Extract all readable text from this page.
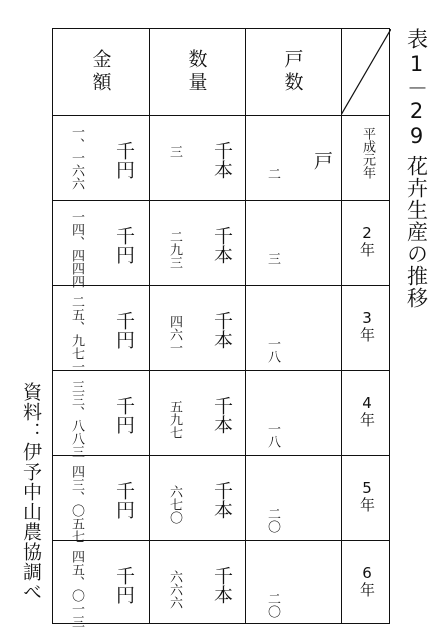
表
1－29
花卉生産の推移
資料：伊予中山農協調べ
金額	数量	戸数
一、一六六 千円 三 千本 二
戸 平成元年
一四、四四四 千円 二九三 千本 三
2年
二五、九七一 千円 四六一 千本
一八
3年
三三、八八三 千円 五九七 千本
一八
4年
四三、〇五七 千円 六七〇 千本
二〇
5年
四五、〇一三 千円 六六六 千本
二〇
6年
